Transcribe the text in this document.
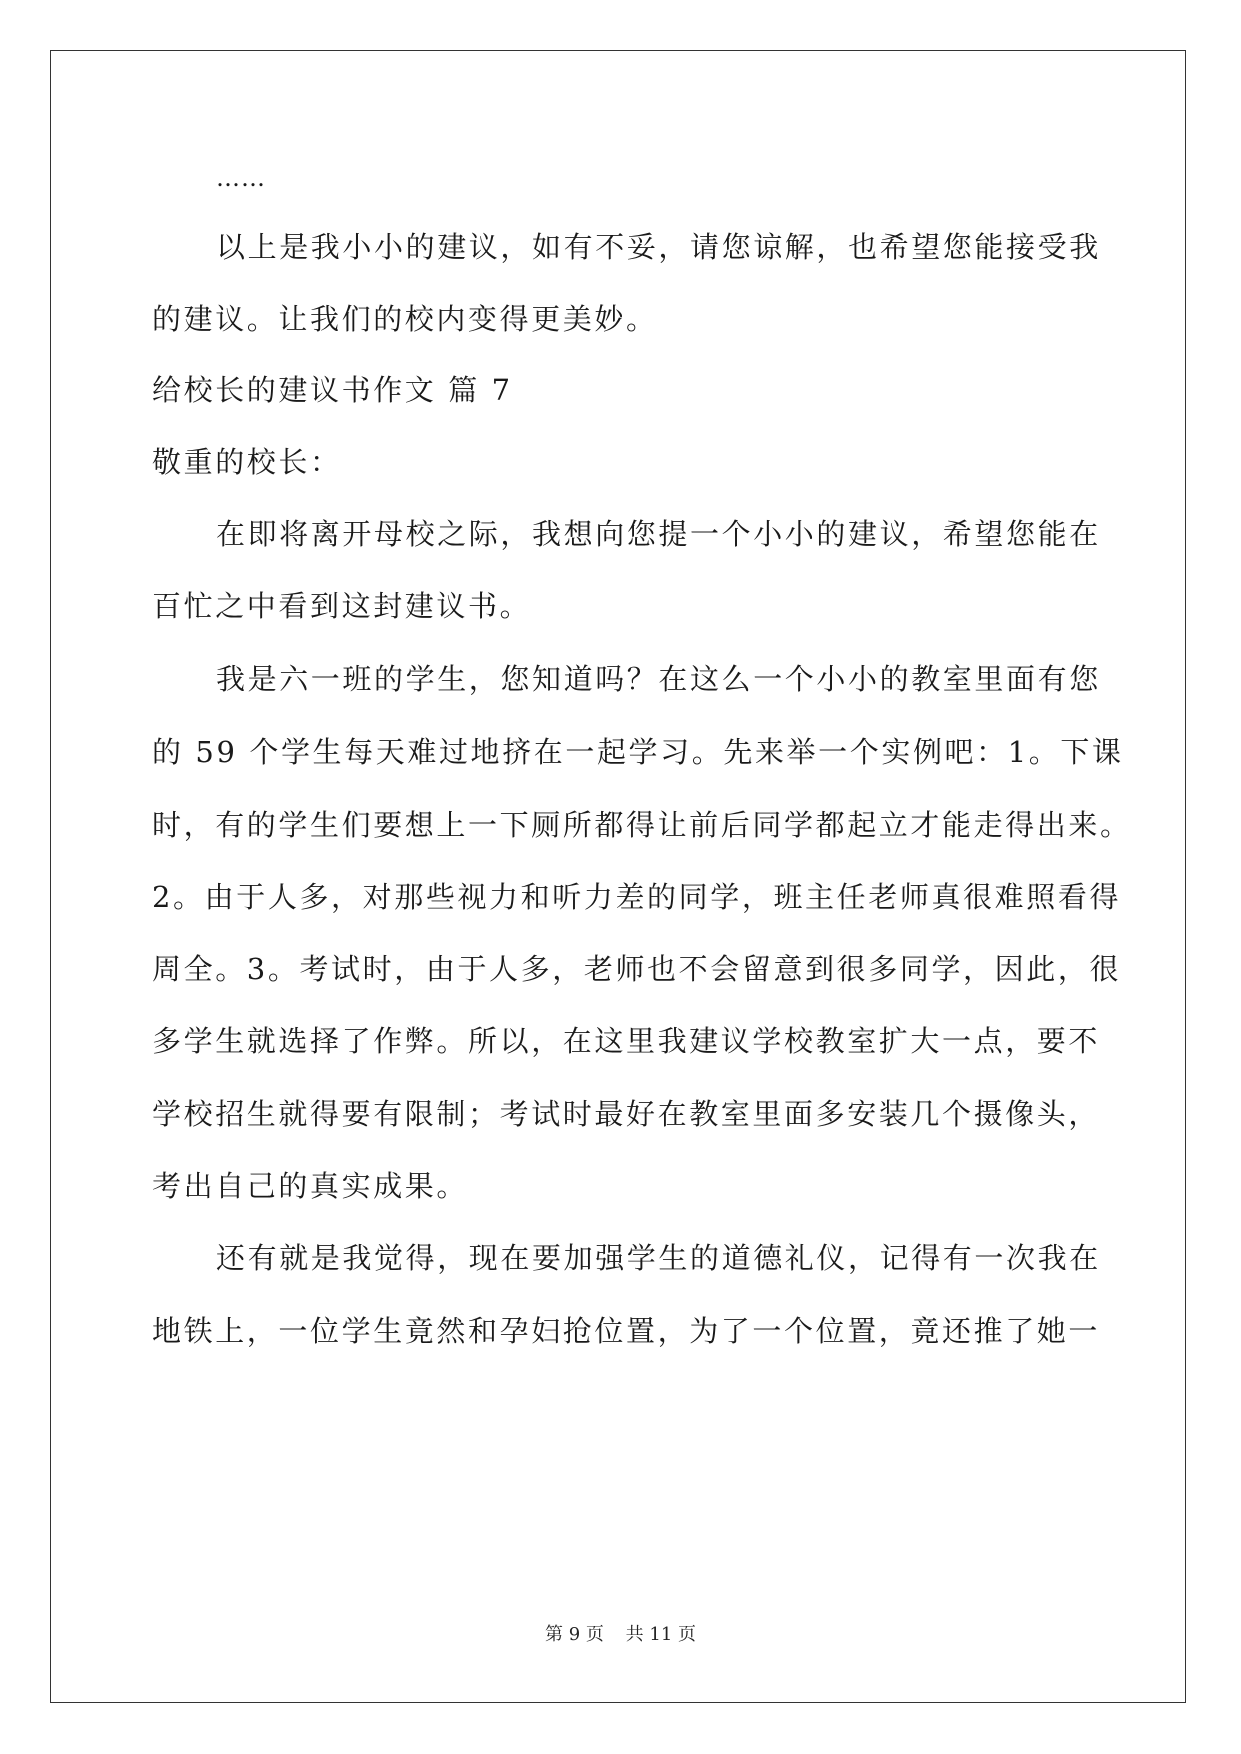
……
以上是我小小的建议，如有不妥，请您谅解，也希望您能接受我
的建议。让我们的校内变得更美妙。
给校长的建议书作文 篇 7
敬重的校长：
在即将离开母校之际，我想向您提一个小小的建议，希望您能在
百忙之中看到这封建议书。
我是六一班的学生，您知道吗？在这么一个小小的教室里面有您
的 59 个学生每天难过地挤在一起学习。先来举一个实例吧：1。下课
时，有的学生们要想上一下厕所都得让前后同学都起立才能走得出来。
2。由于人多，对那些视力和听力差的同学，班主任老师真很难照看得
周全。3。考试时，由于人多，老师也不会留意到很多同学，因此，很
多学生就选择了作弊。所以，在这里我建议学校教室扩大一点，要不
学校招生就得要有限制；考试时最好在教室里面多安装几个摄像头，
考出自己的真实成果。
还有就是我觉得，现在要加强学生的道德礼仪，记得有一次我在
地铁上，一位学生竟然和孕妇抢位置，为了一个位置，竟还推了她一
第 9 页 共 11 页
